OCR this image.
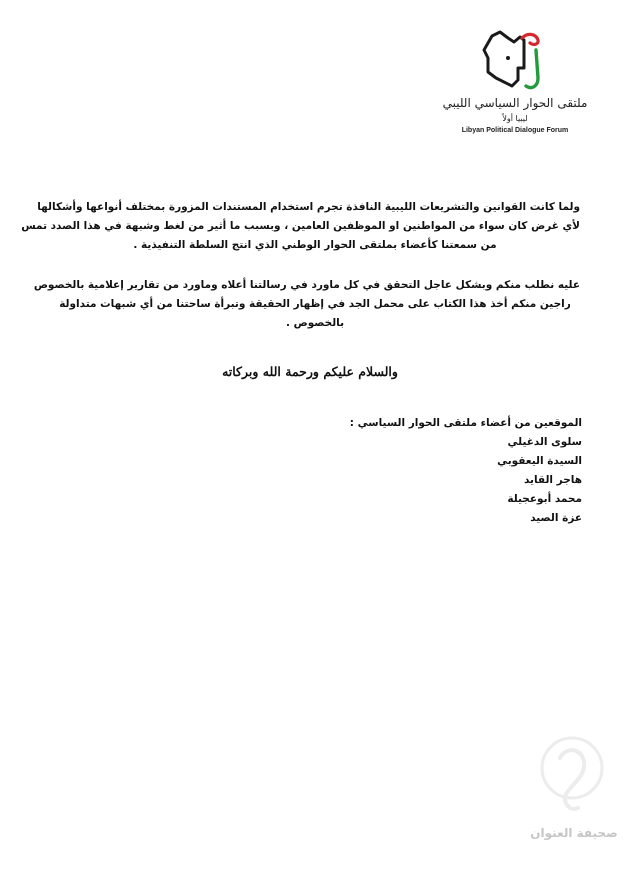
ملتقى الحوار السياسي الليبي
ليبيا أولاً
Libyan Political Dialogue Forum
ولما كانت القوانين والتشريعات الليبية النافذة تجرم استخدام المستندات المزورة بمختلف أنواعها وأشكالها
لأي غرض كان سواء من المواطنين او الموظفين العامين ، وبسبب ما أثير من لغط وشبهة في هذا الصدد تمس
من سمعتنا كأعضاء بملتقى الحوار الوطني الذي انتج السلطة التنفيذية .
عليه نطلب منكم وبشكل عاجل التحقق في كل ماورد في رسالتنا أعلاه وماورد من تقارير إعلامية بالخصوص
راجين منكم أخذ هذا الكتاب على محمل الجد في إظهار الحقيقة وتبرأة ساحتنا من أي شبهات متداولة
بالخصوص .
والسلام عليكم ورحمة الله وبركاته
الموقعين من أعضاء ملتقى الحوار السياسي :
سلوى الدغيلي
السيدة اليعقوبي
هاجر القايد
محمد أبوعجيلة
عزة الصيد
صحيفة العنوان
